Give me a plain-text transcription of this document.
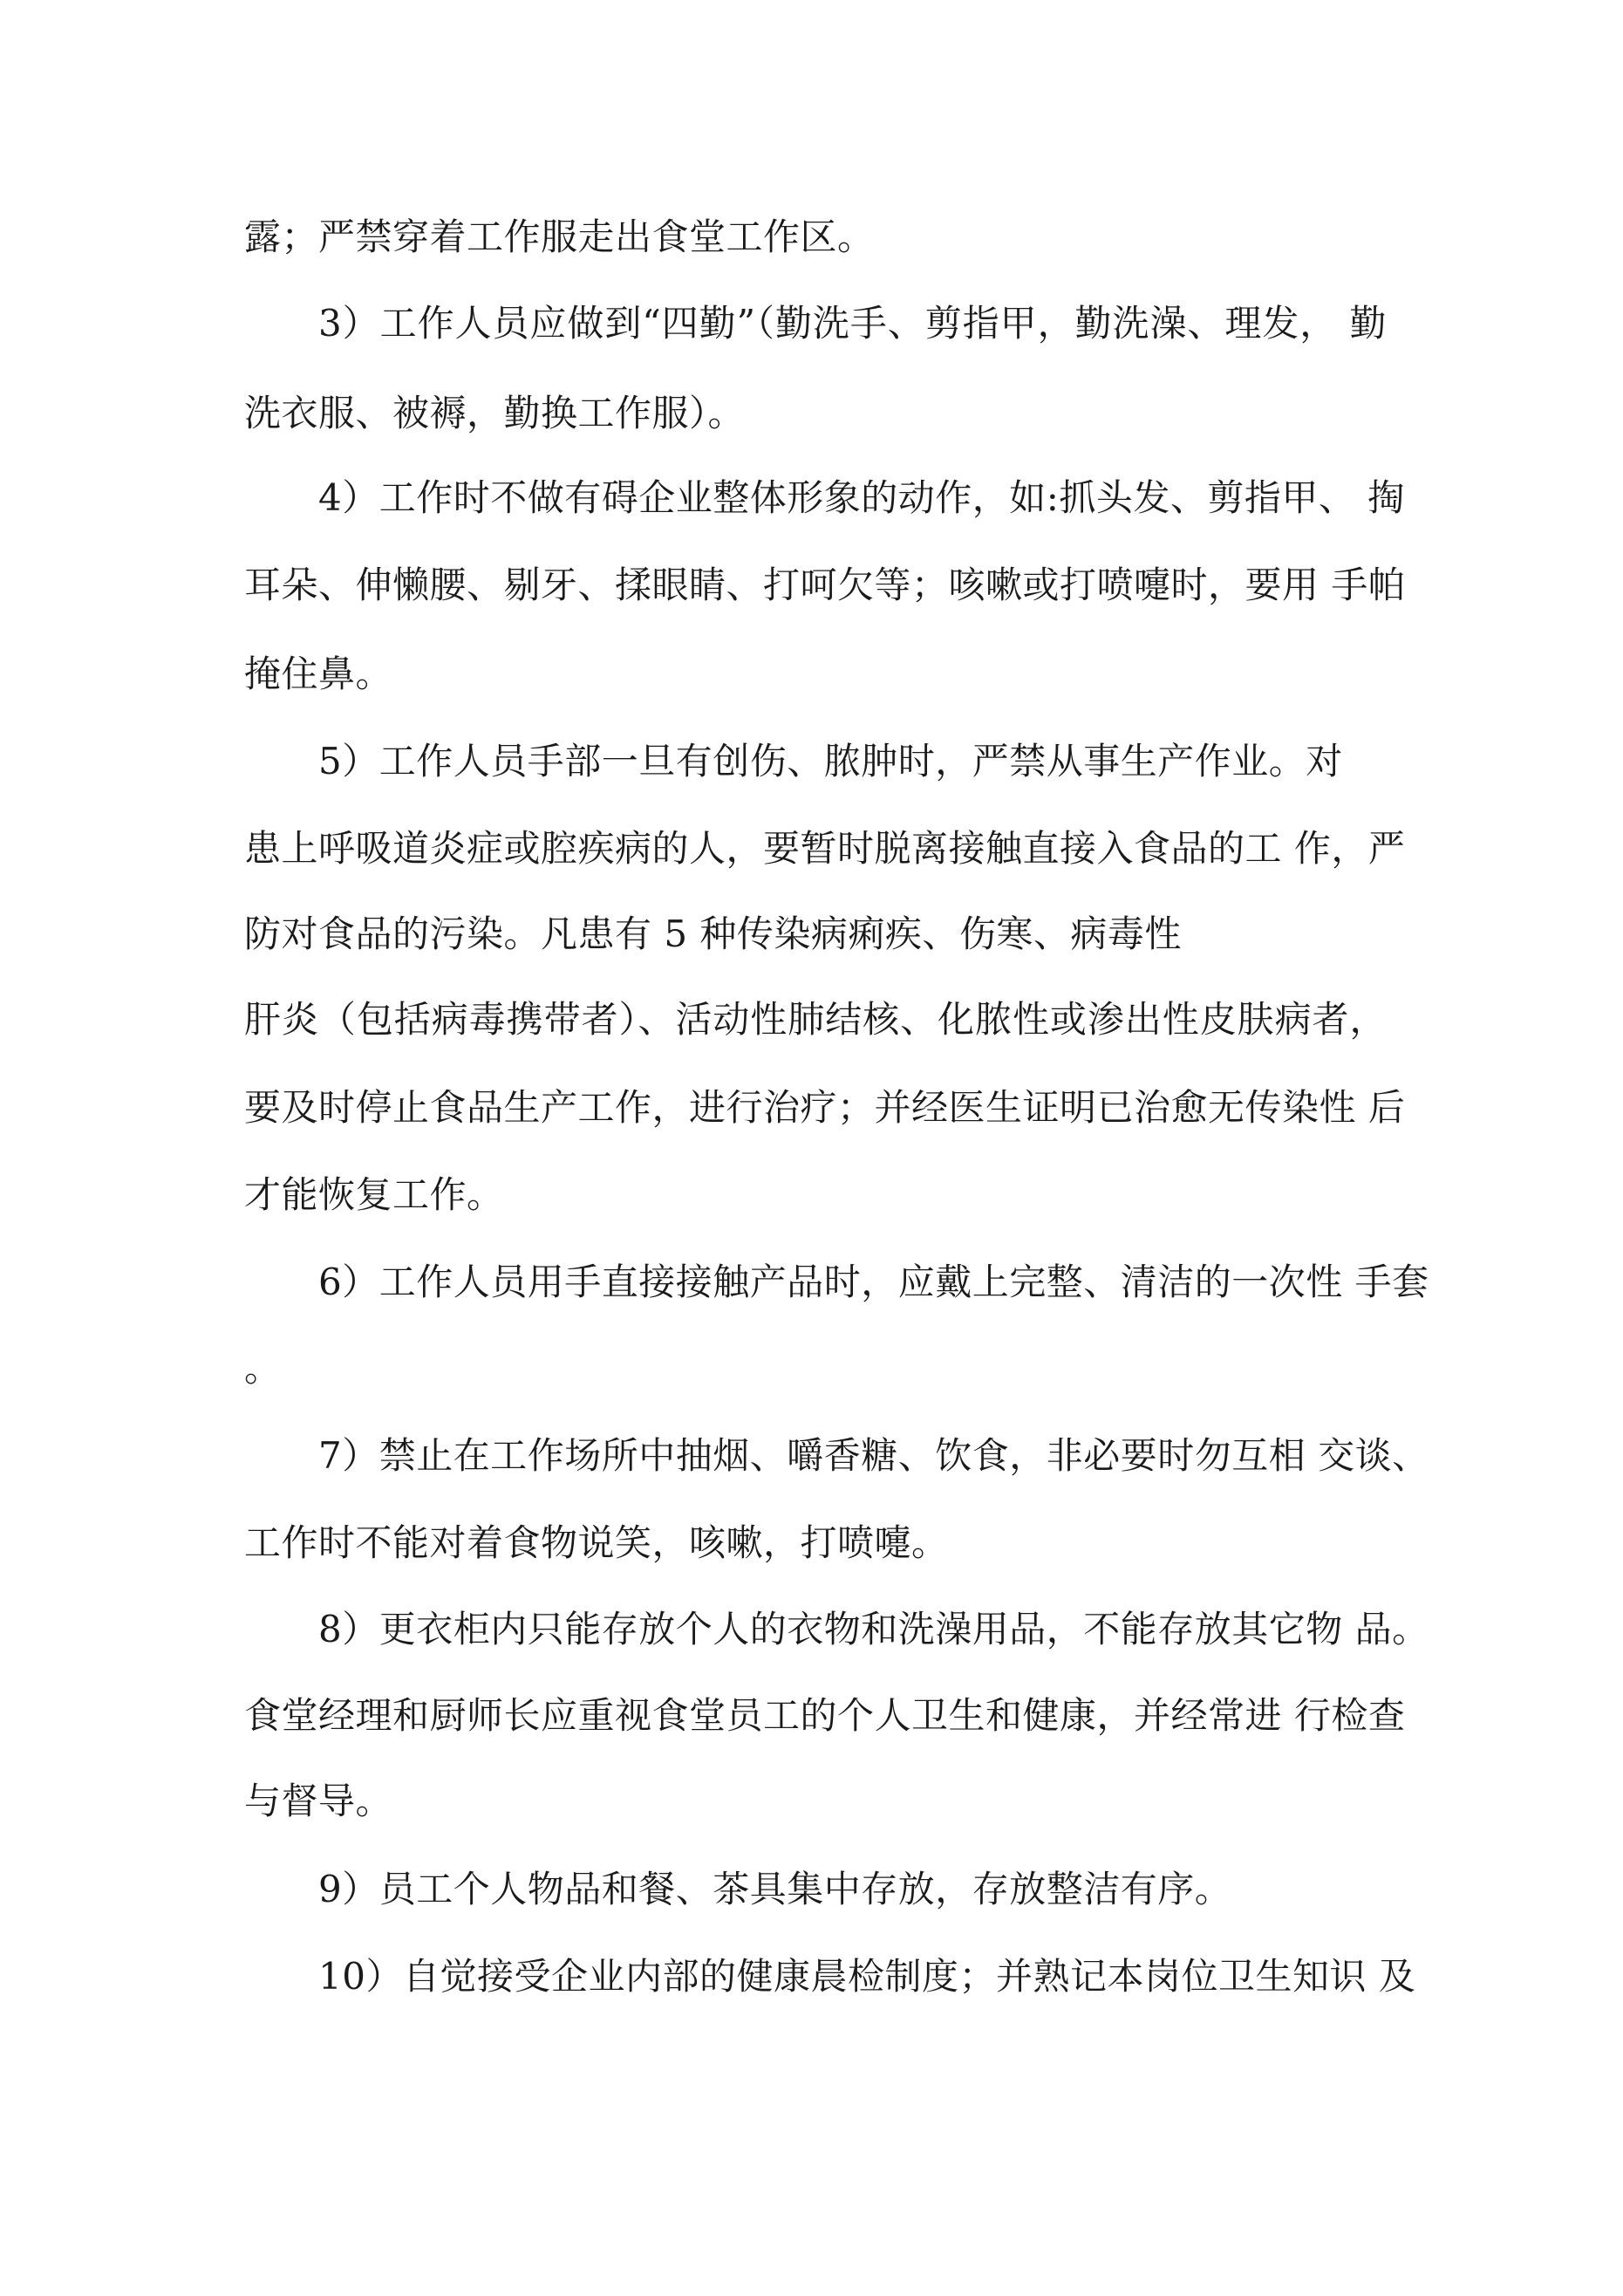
露；严禁穿着工作服走出食堂工作区。
3）工作人员应做到“四勤”（勤洗手、剪指甲，勤洗澡、理发， 勤
洗衣服、被褥，勤换工作服）。
4）工作时不做有碍企业整体形象的动作，如:抓头发、剪指甲、 掏
耳朵、伸懒腰、剔牙、揉眼睛、打呵欠等；咳嗽或打喷嚏时，要用 手帕
掩住鼻。
5）工作人员手部一旦有创伤、脓肿时，严禁从事生产作业。对
患上呼吸道炎症或腔疾病的人，要暂时脱离接触直接入食品的工 作，严
防对食品的污染。凡患有 5 种传染病痢疾、伤寒、病毒性
肝炎（包括病毒携带者）、活动性肺结核、化脓性或渗出性皮肤病者，
要及时停止食品生产工作，进行治疗；并经医生证明已治愈无传染性 后
才能恢复工作。
6）工作人员用手直接接触产品时，应戴上完整、清洁的一次性 手套
。
7）禁止在工作场所中抽烟、嚼香糖、饮食，非必要时勿互相 交谈、
工作时不能对着食物说笑，咳嗽，打喷嚏。
8）更衣柜内只能存放个人的衣物和洗澡用品，不能存放其它物 品。
食堂经理和厨师长应重视食堂员工的个人卫生和健康，并经常进 行检查
与督导。
9）员工个人物品和餐、茶具集中存放，存放整洁有序。
10）自觉接受企业内部的健康晨检制度；并熟记本岗位卫生知识 及
